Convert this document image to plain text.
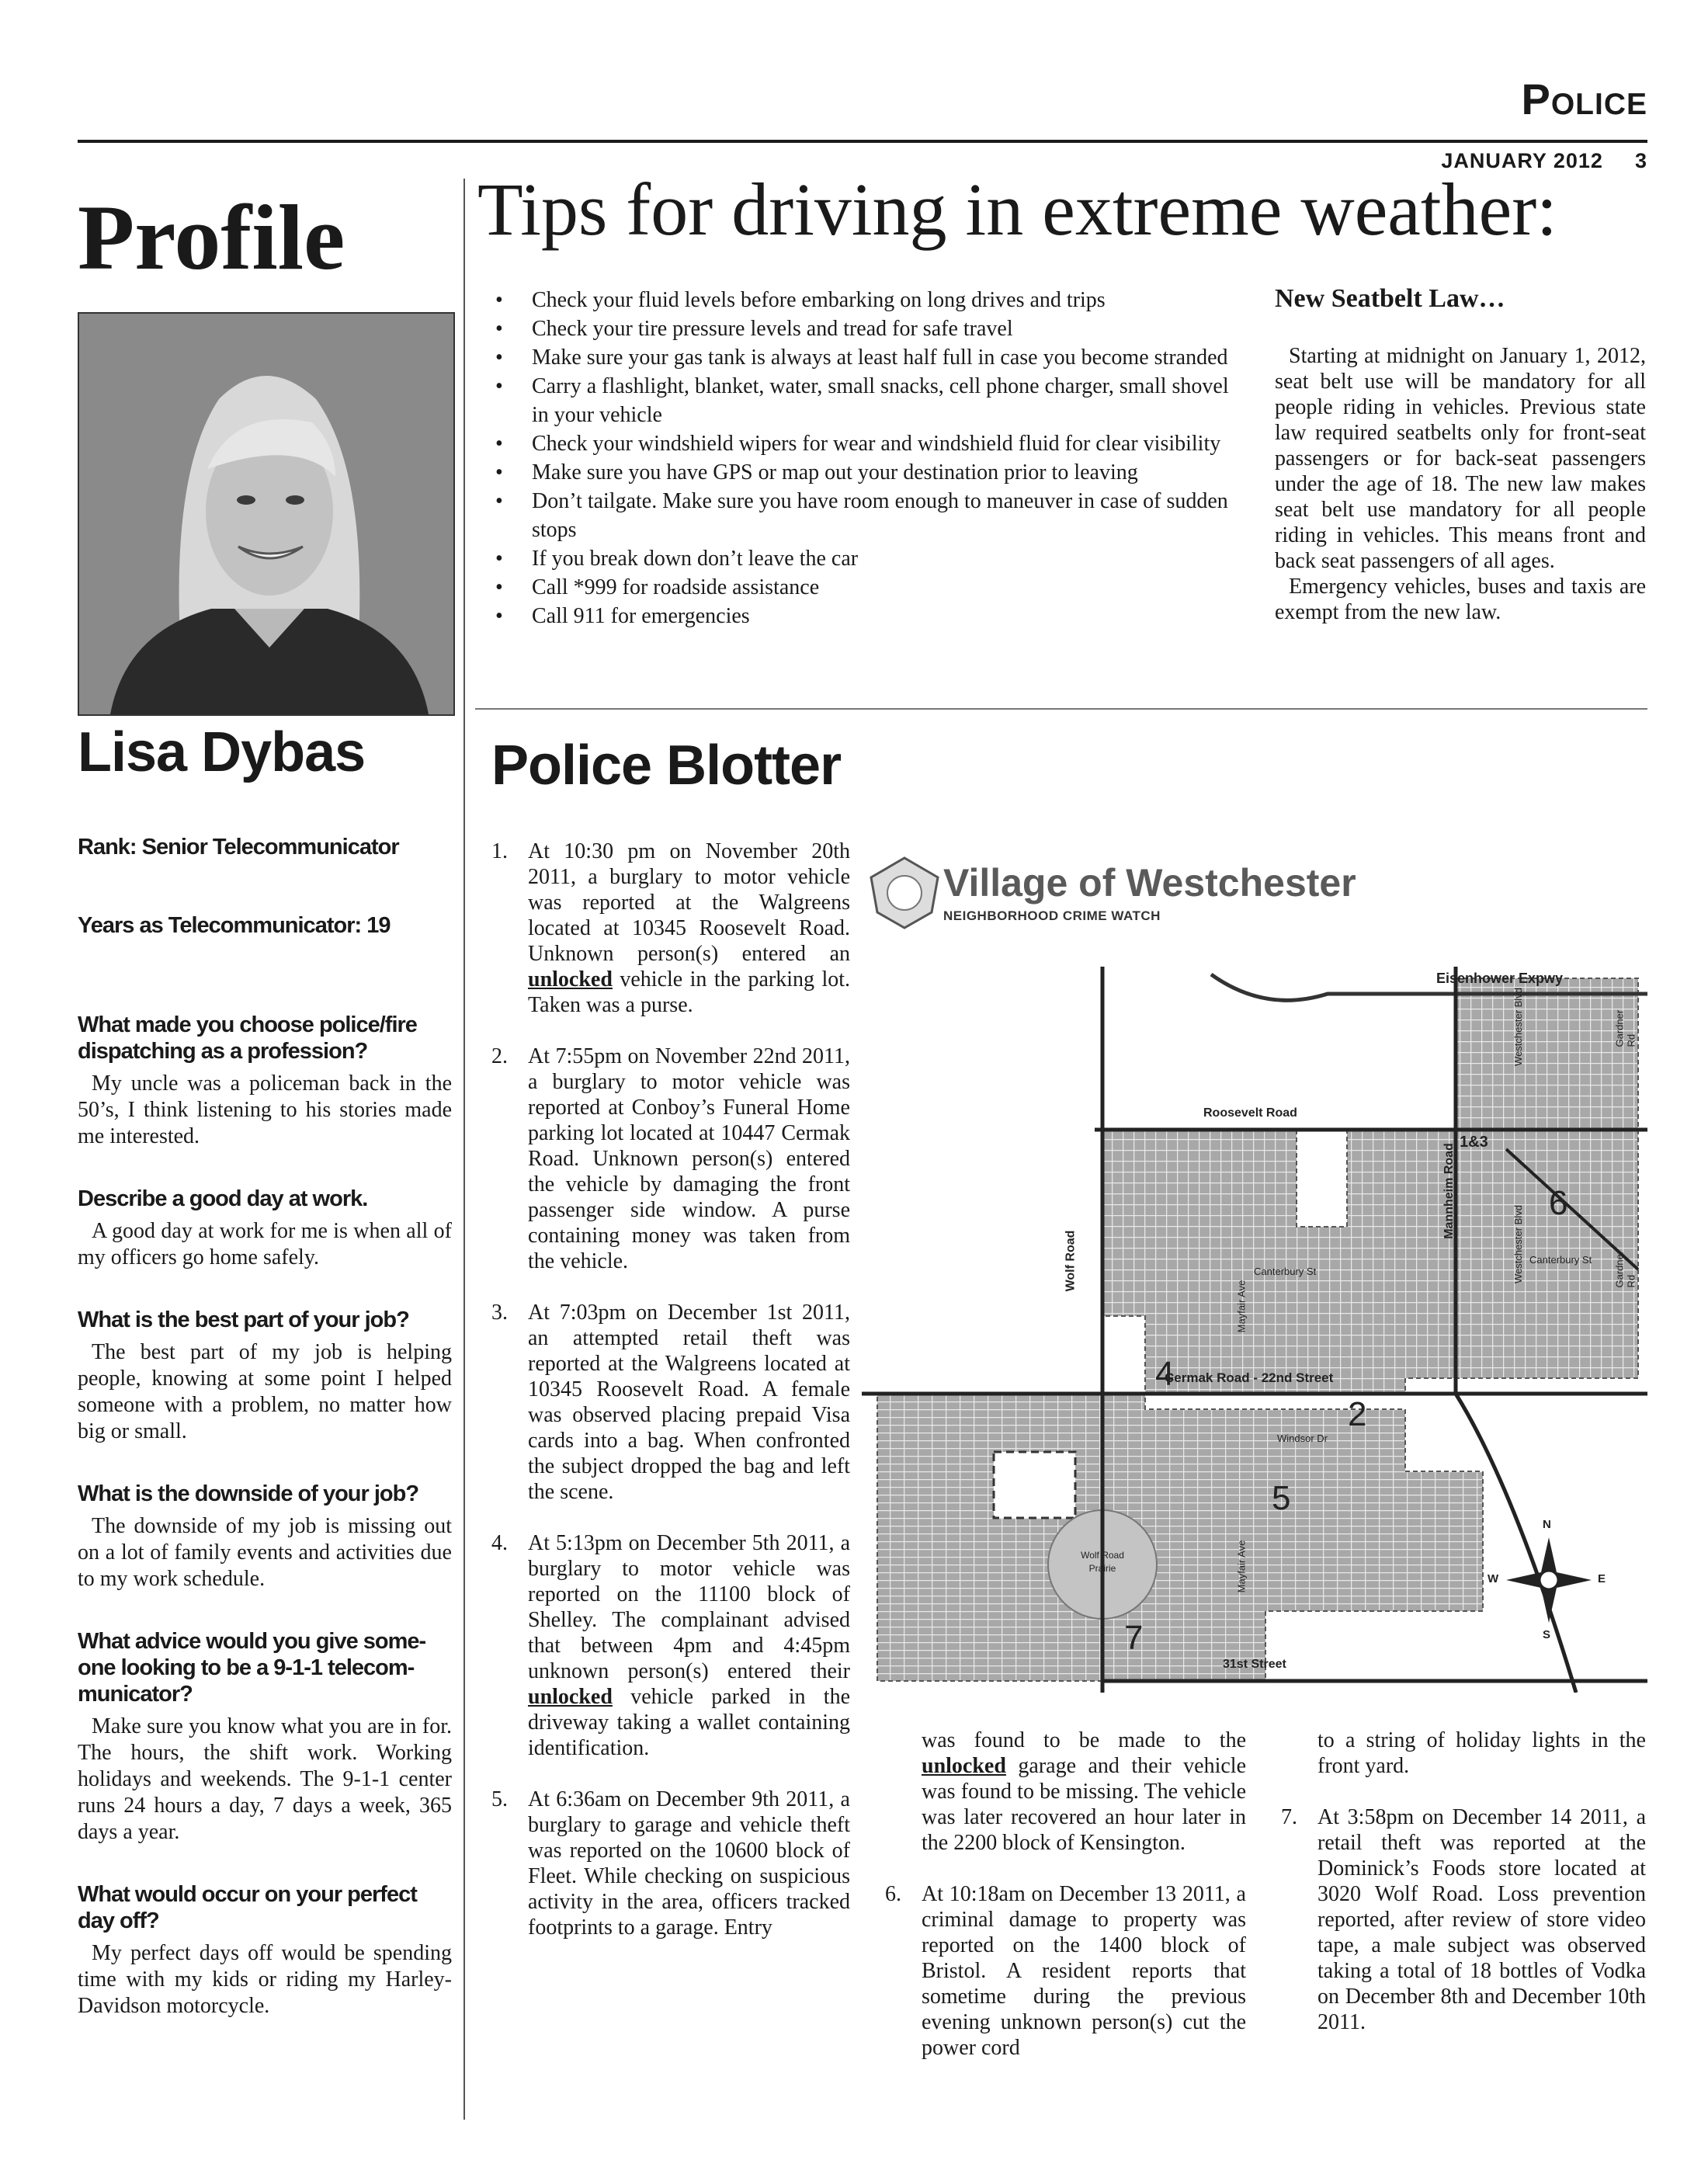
Police
JANUARY 2012 3
Profile
Lisa Dybas
Rank: Senior Telecommunicator
Years as Telecommunicator: 19
What made you choose police/fire dispatching as a profession?

My uncle was a policeman back in the 50’s, I think listening to his stories made me interested.

Describe a good day at work.

A good day at work for me is when all of my officers go home safely.

What is the best part of your job?

The best part of my job is helping people, knowing at some point I helped someone with a problem, no matter how big or small.

What is the downside of your job?

The downside of my job is missing out on a lot of family events and activities due to my work schedule.

What advice would you give some-one looking to be a 9-1-1 telecom-municator?

Make sure you know what you are in for. The hours, the shift work. Working holidays and weekends. The 9-1-1 center runs 24 hours a day, 7 days a week, 365 days a year.

What would occur on your perfect day off?

My perfect days off would be spending time with my kids or riding my Harley-Davidson motorcycle.

Tips for driving in extreme weather:
• Check your fluid levels before embarking on long drives and trips
• Check your tire pressure levels and tread for safe travel
• Make sure your gas tank is always at least half full in case you become stranded
• Carry a flashlight, blanket, water, small snacks, cell phone charger, small shovel in your vehicle
• Check your windshield wipers for wear and windshield fluid for clear visibility
• Make sure you have GPS or map out your destination prior to leaving
• Don’t tailgate. Make sure you have room enough to maneuver in case of sudden stops
• If you break down don’t leave the car
• Call *999 for roadside assistance
• Call 911 for emergencies
New Seatbelt Law…

Starting at midnight on January 1, 2012, seat belt use will be mandatory for all people riding in vehicles. Previous state law required seatbelts only for front-seat passengers or for back-seat passengers under the age of 18. The new law makes seat belt use mandatory for all people riding in vehicles. This means front and back seat passengers of all ages.

Emergency vehicles, buses and taxis are exempt from the new law.

Police Blotter
1. At 10:30 pm on November 20th 2011, a burglary to motor vehicle was reported at the Walgreens located at 10345 Roosevelt Road. Unknown person(s) entered an unlocked vehicle in the parking lot. Taken was a purse.
2. At 7:55pm on November 22nd 2011, a burglary to motor vehicle was reported at Conboy’s Funeral Home parking lot located at 10447 Cermak Road. Unknown person(s) entered the vehicle by damaging the front passenger side window. A purse containing money was taken from the vehicle.
3. At 7:03pm on December 1st 2011, an attempted retail theft was reported at the Walgreens located at 10345 Roosevelt Road. A female was observed placing prepaid Visa cards into a bag. When confronted the subject dropped the bag and left the scene.
4. At 5:13pm on December 5th 2011, a burglary to motor vehicle was reported on the 11100 block of Shelley. The complainant advised that between 4pm and 4:45pm unknown person(s) entered their unlocked vehicle parked in the driveway taking a wallet containing identification.
5. At 6:36am on December 9th 2011, a burglary to garage and vehicle theft was reported on the 10600 block of Fleet. While checking on suspicious activity in the area, officers tracked footprints to a garage. Entry
was found to be made to the unlocked garage and their vehicle was found to be missing. The vehicle was later recovered an hour later in the 2200 block of Kensington.
6. At 10:18am on December 13 2011, a criminal damage to property was reported on the 1400 block of Bristol. A resident reports that sometime during the previous evening unknown person(s) cut the power cord
to a string of holiday lights in the front yard.
7. At 3:58pm on December 14 2011, a retail theft was reported at the Dominick’s Foods store located at 3020 Wolf Road. Loss prevention reported, after review of store video tape, a male subject was observed taking a total of 18 bottles of Vodka on December 8th and December 10th 2011.
Eisenhower Expwy
Roosevelt Road
Cermak Road - 22nd Street
31st Street
Wolf Road
Mannheim Road
Westchester Blvd
Westchester Blvd
Gardner Rd
Gardner Rd
Canterbury St
Canterbury St
Mayfair Ave
Mayfair Ave
Windsor Dr
Wolf Road Prairie
1&3
2
4
5
6
7
N
S
E
W
Village of Westchester
NEIGHBORHOOD CRIME WATCH
